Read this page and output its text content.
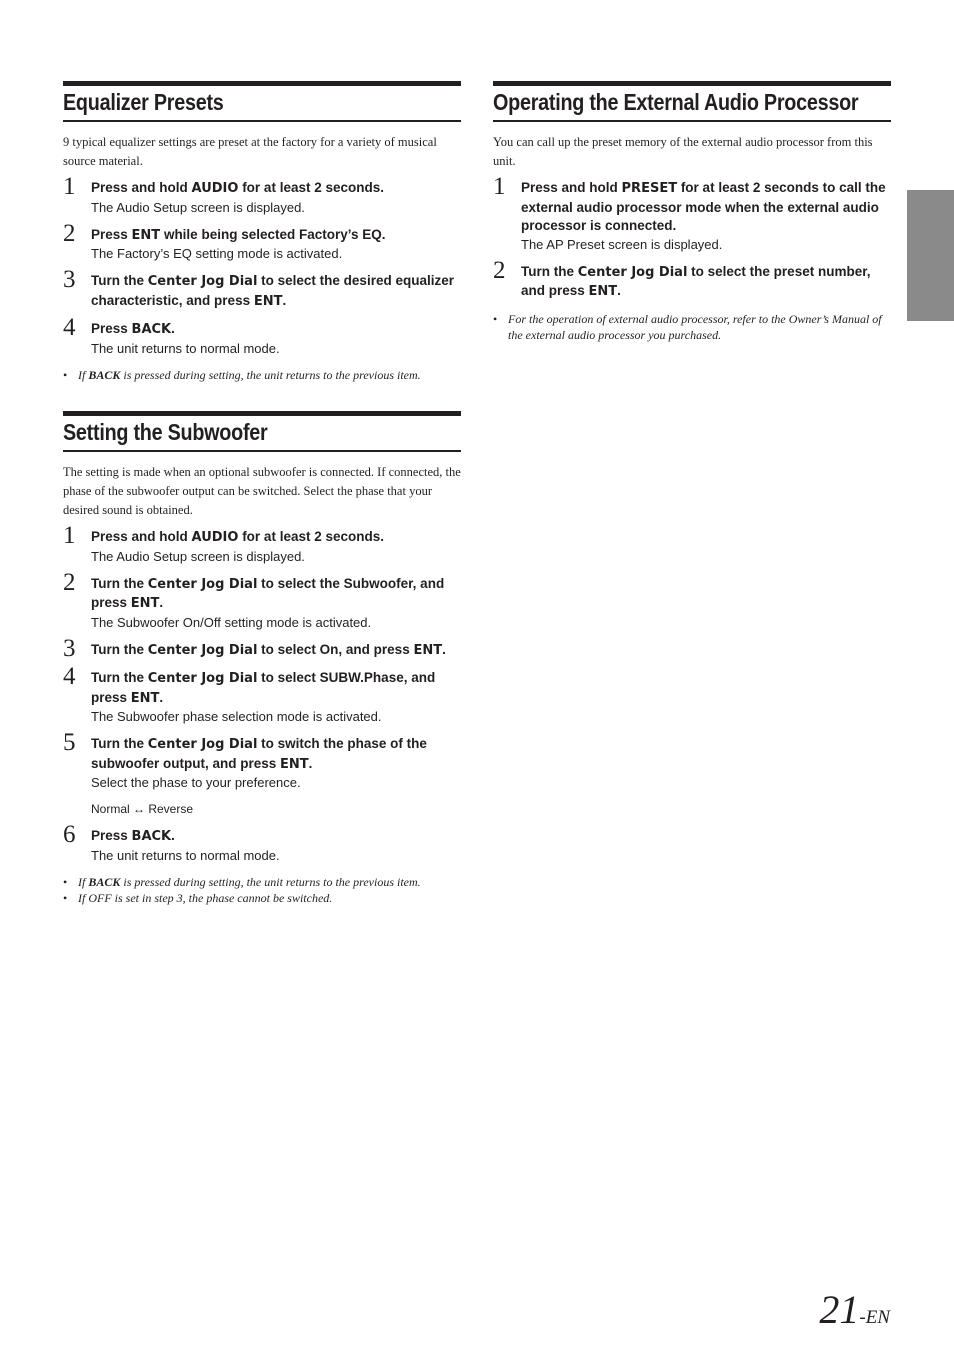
Equalizer Presets
9 typical equalizer settings are preset at the factory for a variety of musical source material.
1 Press and hold AUDIO for at least 2 seconds.
The Audio Setup screen is displayed.
2 Press ENT while being selected Factory’s EQ.
The Factory’s EQ setting mode is activated.
3 Turn the Center Jog Dial to select the desired equalizer characteristic, and press ENT.
4 Press BACK.
The unit returns to normal mode.
• If BACK is pressed during setting, the unit returns to the previous item.
Setting the Subwoofer
The setting is made when an optional subwoofer is connected. If connected, the phase of the subwoofer output can be switched. Select the phase that your desired sound is obtained.
1 Press and hold AUDIO for at least 2 seconds.
The Audio Setup screen is displayed.
2 Turn the Center Jog Dial to select the Subwoofer, and press ENT.
The Subwoofer On/Off setting mode is activated.
3 Turn the Center Jog Dial to select On, and press ENT.
4 Turn the Center Jog Dial to select SUBW.Phase, and press ENT.
The Subwoofer phase selection mode is activated.
5 Turn the Center Jog Dial to switch the phase of the subwoofer output, and press ENT.
Select the phase to your preference.
Normal ↔ Reverse
6 Press BACK.
The unit returns to normal mode.
• If BACK is pressed during setting, the unit returns to the previous item.
• If OFF is set in step 3, the phase cannot be switched.
Operating the External Audio Processor
You can call up the preset memory of the external audio processor from this unit.
1 Press and hold PRESET for at least 2 seconds to call the external audio processor mode when the external audio processor is connected.
The AP Preset screen is displayed.
2 Turn the Center Jog Dial to select the preset number, and press ENT.
• For the operation of external audio processor, refer to the Owner’s Manual of the external audio processor you purchased.
21-EN
